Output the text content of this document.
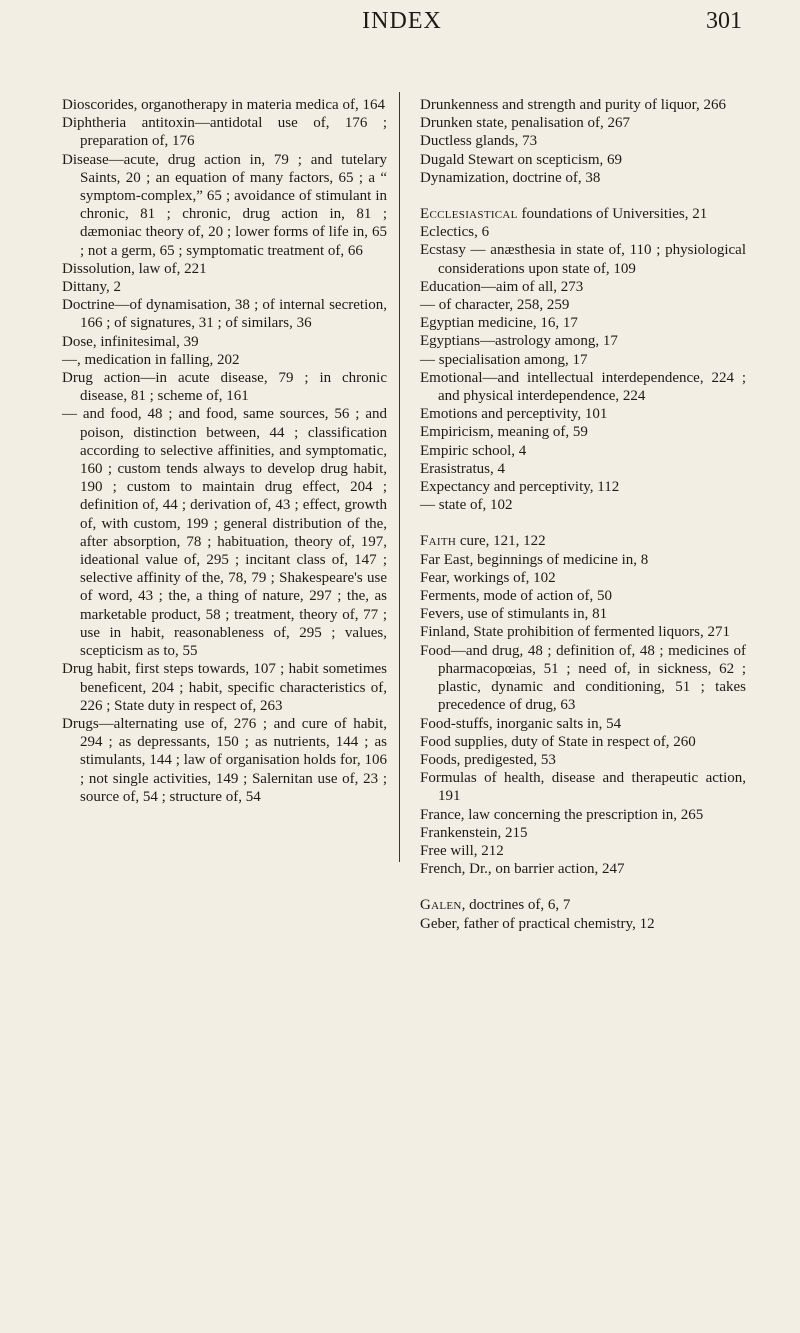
INDEX	301
Dioscorides, organotherapy in materia medica of, 164
Diphtheria antitoxin—antidotal use of, 176 ; preparation of, 176
Disease—acute, drug action in, 79 ; and tutelary Saints, 20 ; an equation of many factors, 65 ; a “ symptom-complex,” 65 ; avoidance of stimulant in chronic, 81 ; chronic, drug action in, 81 ; dæmoniac theory of, 20 ; lower forms of life in, 65 ; not a germ, 65 ; symptomatic treatment of, 66
Dissolution, law of, 221
Dittany, 2
Doctrine—of dynamisation, 38 ; of internal secretion, 166 ; of signatures, 31 ; of similars, 36
Dose, infinitesimal, 39
—, medication in falling, 202
Drug action—in acute disease, 79 ; in chronic disease, 81 ; scheme of, 161
— and food, 48 ; and food, same sources, 56 ; and poison, distinction between, 44 ; classification according to selective affinities, and symptomatic, 160 ; custom tends always to develop drug habit, 190 ; custom to maintain drug effect, 204 ; definition of, 44 ; derivation of, 43 ; effect, growth of, with custom, 199 ; general distribution of the, after absorption, 78 ; habituation, theory of, 197, ideational value of, 295 ; incitant class of, 147 ; selective affinity of the, 78, 79 ; Shakespeare's use of word, 43 ; the, a thing of nature, 297 ; the, as marketable product, 58 ; treatment, theory of, 77 ; use in habit, reasonableness of, 295 ; values, scepticism as to, 55
Drug habit, first steps towards, 107 ; habit sometimes beneficent, 204 ; habit, specific characteristics of, 226 ; State duty in respect of, 263
Drugs—alternating use of, 276 ; and cure of habit, 294 ; as depressants, 150 ; as nutrients, 144 ; as stimulants, 144 ; law of organisation holds for, 106 ; not single activities, 149 ; Salernitan use of, 23 ; source of, 54 ; structure of, 54
Drunkenness and strength and purity of liquor, 266
Drunken state, penalisation of, 267
Ductless glands, 73
Dugald Stewart on scepticism, 69
Dynamization, doctrine of, 38
Ecclesiastical foundations of Universities, 21
Eclectics, 6
Ecstasy — anæsthesia in state of, 110 ; physiological considerations upon state of, 109
Education—aim of all, 273
— of character, 258, 259
Egyptian medicine, 16, 17
Egyptians—astrology among, 17
— specialisation among, 17
Emotional—and intellectual interdependence, 224 ; and physical interdependence, 224
Emotions and perceptivity, 101
Empiricism, meaning of, 59
Empiric school, 4
Erasistratus, 4
Expectancy and perceptivity, 112
— state of, 102
Faith cure, 121, 122
Far East, beginnings of medicine in, 8
Fear, workings of, 102
Ferments, mode of action of, 50
Fevers, use of stimulants in, 81
Finland, State prohibition of fermented liquors, 271
Food—and drug, 48 ; definition of, 48 ; medicines of pharmacopœias, 51 ; need of, in sickness, 62 ; plastic, dynamic and conditioning, 51 ; takes precedence of drug, 63
Food-stuffs, inorganic salts in, 54
Food supplies, duty of State in respect of, 260
Foods, predigested, 53
Formulas of health, disease and therapeutic action, 191
France, law concerning the prescription in, 265
Frankenstein, 215
Free will, 212
French, Dr., on barrier action, 247
Galen, doctrines of, 6, 7
Geber, father of practical chemistry, 12
